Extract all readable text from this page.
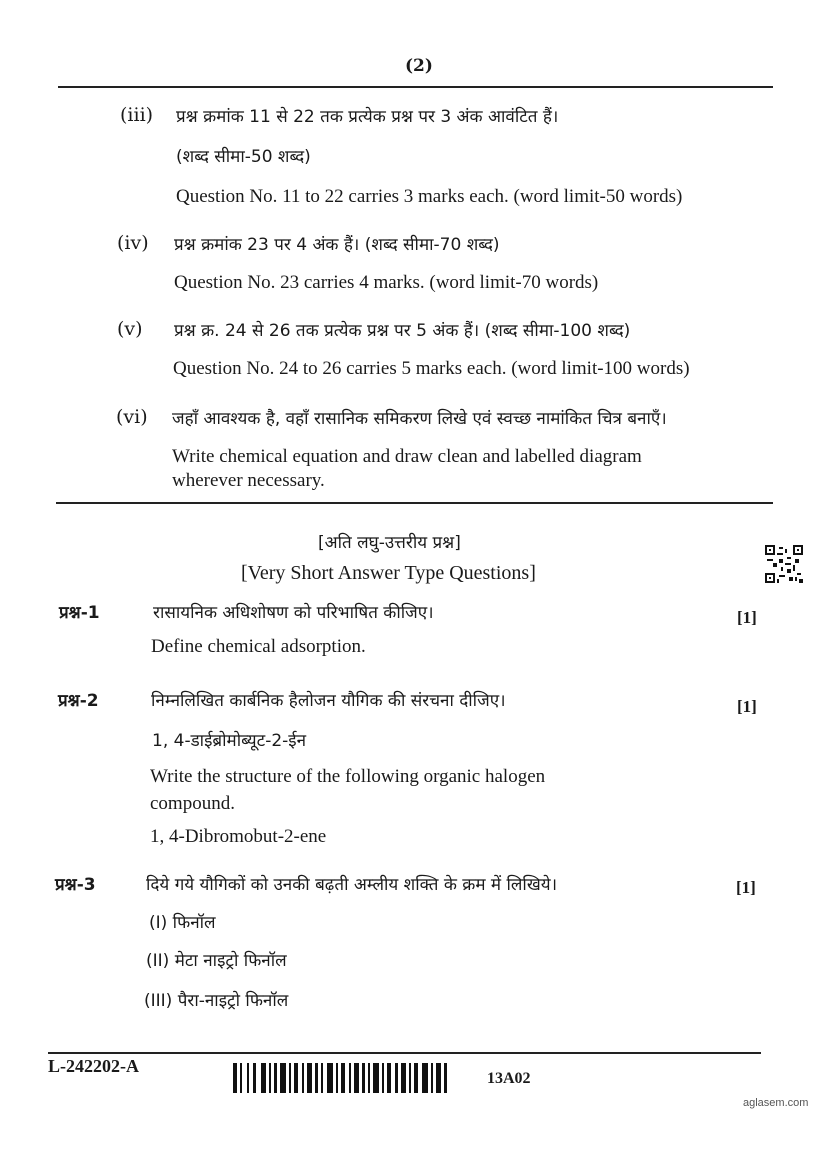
(2)
(iii) प्रश्न क्रमांक 11 से 22 तक प्रत्येक प्रश्न पर 3 अंक आवंटित हैं।
(शब्द सीमा-50 शब्द)
Question No. 11 to 22 carries 3 marks each. (word limit-50 words)
(iv) प्रश्न क्रमांक 23 पर 4 अंक हैं। (शब्द सीमा-70 शब्द)
Question No. 23 carries 4 marks. (word limit-70 words)
(v) प्रश्न क्र. 24 से 26 तक प्रत्येक प्रश्न पर 5 अंक हैं। (शब्द सीमा-100 शब्द)
Question No. 24 to 26 carries 5 marks each. (word limit-100 words)
(vi) जहाँ आवश्यक है, वहाँ रासानिक समिकरण लिखे एवं स्वच्छ नामांकित चित्र बनाएँ।
Write chemical equation and draw clean and labelled diagram
wherever necessary.
[अति लघु-उत्तरीय प्रश्न]
[Very Short Answer Type Questions]
प्रश्न-1	रासायनिक अधिशोषण को परिभाषित कीजिए।	[1]
Define chemical adsorption.
प्रश्न-2	निम्नलिखित कार्बनिक हैलोजन यौगिक की संरचना दीजिए।	[1]
1, 4-डाईब्रोमोब्यूट-2-ईन
Write the structure of the following organic halogen
compound.
1, 4-Dibromobut-2-ene
प्रश्न-3	दिये गये यौगिकों को उनकी बढ़ती अम्लीय शक्ति के क्रम में लिखिये।	[1]
(I) फिनॉल
(II) मेटा नाइट्रो फिनॉल
(III) पैरा-नाइट्रो फिनॉल
L-242202-A
13A02
aglasem.com
